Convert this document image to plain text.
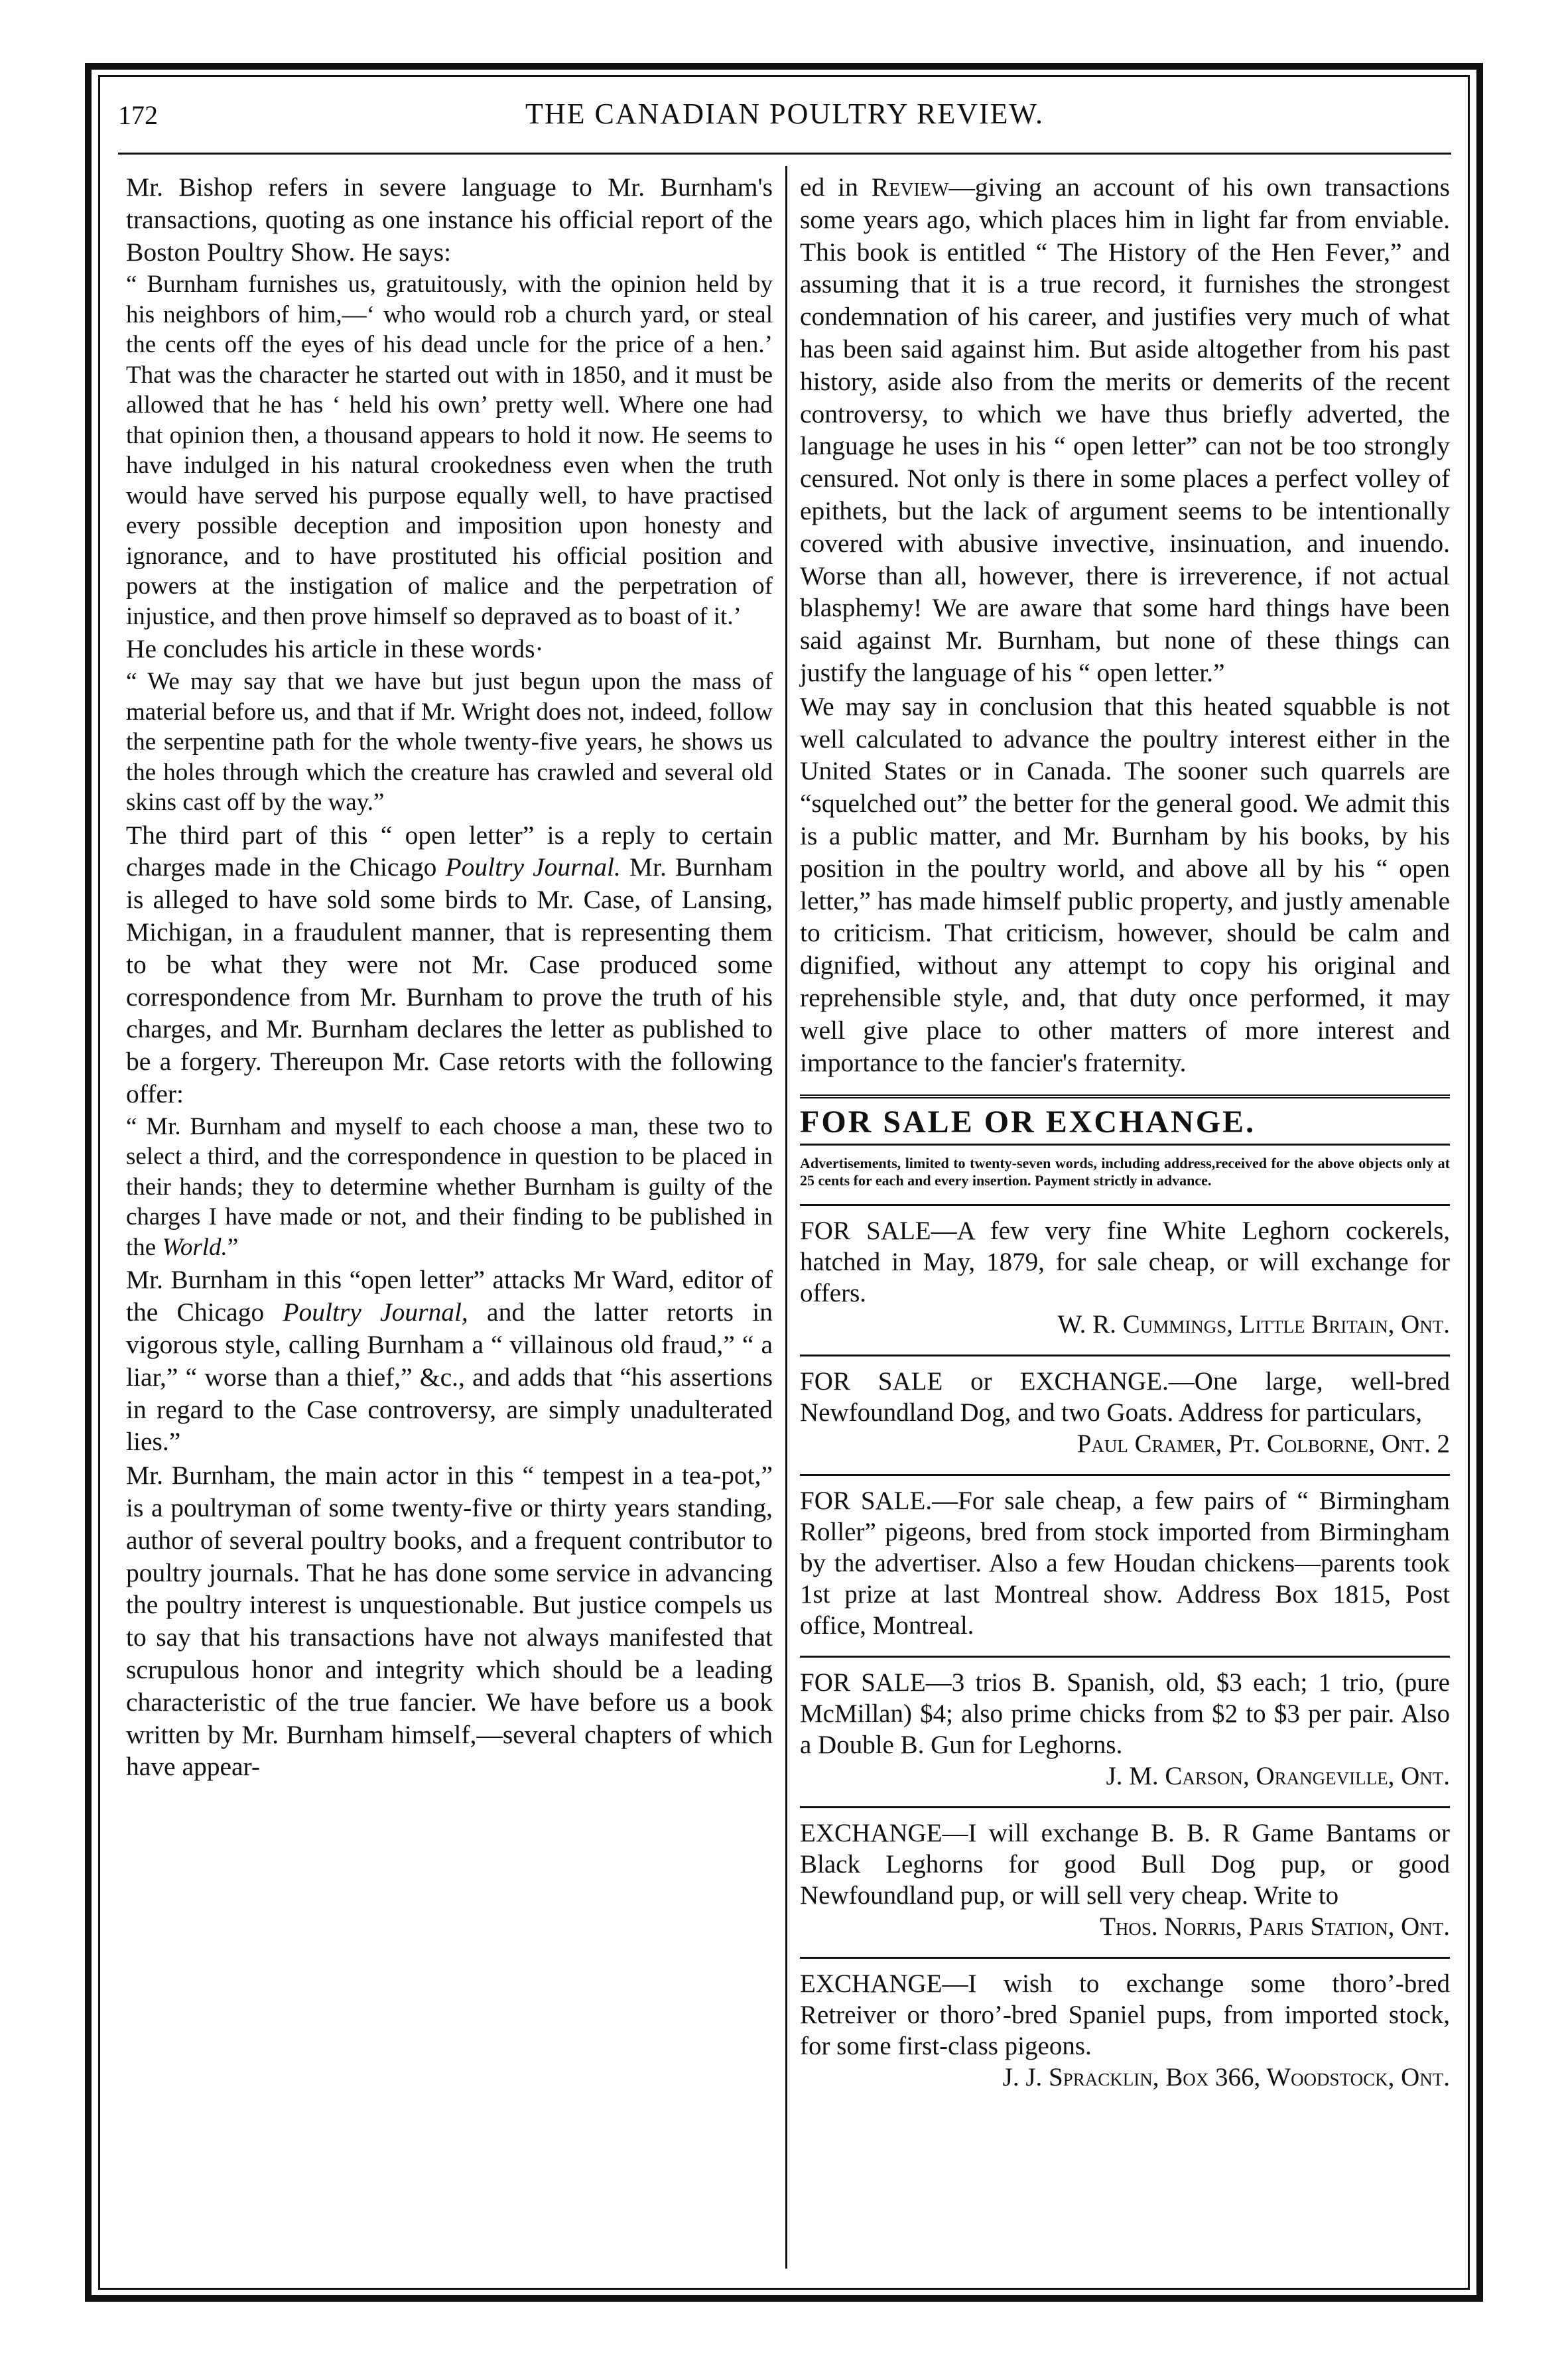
172	THE CANADIAN POULTRY REVIEW.

Mr. Bishop refers in severe language to Mr. Burnham's transactions, quoting as one instance his official report of the Boston Poultry Show. He says:

“ Burnham furnishes us, gratuitously, with the opinion held by his neighbors of him,—‘ who would rob a church yard, or steal the cents off the eyes of his dead uncle for the price of a hen.’ That was the character he started out with in 1850, and it must be allowed that he has ‘ held his own’ pretty well. Where one had that opinion then, a thousand appears to hold it now. He seems to have indulged in his natural crookedness even when the truth would have served his purpose equally well, to have practised every possible deception and imposition upon honesty and ignorance, and to have prostituted his official position and powers at the instigation of malice and the perpetration of injustice, and then prove himself so depraved as to boast of it.’

He concludes his article in these words·

“ We may say that we have but just begun upon the mass of material before us, and that if Mr. Wright does not, indeed, follow the serpentine path for the whole twenty-five years, he shows us the holes through which the creature has crawled and several old skins cast off by the way.”

The third part of this “ open letter” is a reply to certain charges made in the Chicago Poultry Journal. Mr. Burnham is alleged to have sold some birds to Mr. Case, of Lansing, Michigan, in a fraudulent manner, that is representing them to be what they were not Mr. Case produced some correspondence from Mr. Burnham to prove the truth of his charges, and Mr. Burnham declares the letter as published to be a forgery. Thereupon Mr. Case retorts with the following offer:

“ Mr. Burnham and myself to each choose a man, these two to select a third, and the correspondence in question to be placed in their hands; they to determine whether Burnham is guilty of the charges I have made or not, and their finding to be published in the World.”

Mr. Burnham in this “open letter” attacks Mr Ward, editor of the Chicago Poultry Journal, and the latter retorts in vigorous style, calling Burnham a “ villainous old fraud,” “ a liar,” “ worse than a thief,” &c., and adds that “his assertions in regard to the Case controversy, are simply unadulterated lies.”

Mr. Burnham, the main actor in this “ tempest in a tea-pot,” is a poultryman of some twenty-five or thirty years standing, author of several poultry books, and a frequent contributor to poultry journals. That he has done some service in advancing the poultry interest is unquestionable. But justice compels us to say that his transactions have not always manifested that scrupulous honor and integrity which should be a leading characteristic of the true fancier. We have before us a book written by Mr. Burnham himself,—several chapters of which have appear-

ed in Review—giving an account of his own transactions some years ago, which places him in light far from enviable. This book is entitled “ The History of the Hen Fever,” and assuming that it is a true record, it furnishes the strongest condemnation of his career, and justifies very much of what has been said against him. But aside altogether from his past history, aside also from the merits or demerits of the recent controversy, to which we have thus briefly adverted, the language he uses in his “ open letter” can not be too strongly censured. Not only is there in some places a perfect volley of epithets, but the lack of argument seems to be intentionally covered with abusive invective, insinuation, and inuendo. Worse than all, however, there is irreverence, if not actual blasphemy! We are aware that some hard things have been said against Mr. Burnham, but none of these things can justify the language of his “ open letter.”

We may say in conclusion that this heated squabble is not well calculated to advance the poultry interest either in the United States or in Canada. The sooner such quarrels are “squelched out” the better for the general good. We admit this is a public matter, and Mr. Burnham by his books, by his position in the poultry world, and above all by his “ open letter,” has made himself public property, and justly amenable to criticism. That criticism, however, should be calm and dignified, without any attempt to copy his original and reprehensible style, and, that duty once performed, it may well give place to other matters of more interest and importance to the fancier's fraternity.

FOR SALE OR EXCHANGE.
Advertisements, limited to twenty-seven words, including address,received for the above objects only at 25 cents for each and every insertion. Payment strictly in advance.
FOR SALE—A few very fine White Leghorn cockerels, hatched in May, 1879, for sale cheap, or will exchange for offers.
W. R. Cummings, Little Britain, Ont.
FOR SALE or EXCHANGE.—One large, well-bred Newfoundland Dog, and two Goats. Address for particulars,
Paul Cramer, Pt. Colborne, Ont. 2
FOR SALE.—For sale cheap, a few pairs of “ Birmingham Roller” pigeons, bred from stock imported from Birmingham by the advertiser. Also a few Houdan chickens—parents took 1st prize at last Montreal show. Address Box 1815, Post office, Montreal.
FOR SALE—3 trios B. Spanish, old, $3 each; 1 trio, (pure McMillan) $4; also prime chicks from $2 to $3 per pair. Also a Double B. Gun for Leghorns.
J. M. Carson, Orangeville, Ont.
EXCHANGE—I will exchange B. B. R Game Bantams or Black Leghorns for good Bull Dog pup, or good Newfoundland pup, or will sell very cheap. Write to
Thos. Norris, Paris Station, Ont.
EXCHANGE—I wish to exchange some thoro’-bred Retreiver or thoro’-bred Spaniel pups, from imported stock, for some first-class pigeons.
J. J. Spracklin, Box 366, Woodstock, Ont.
